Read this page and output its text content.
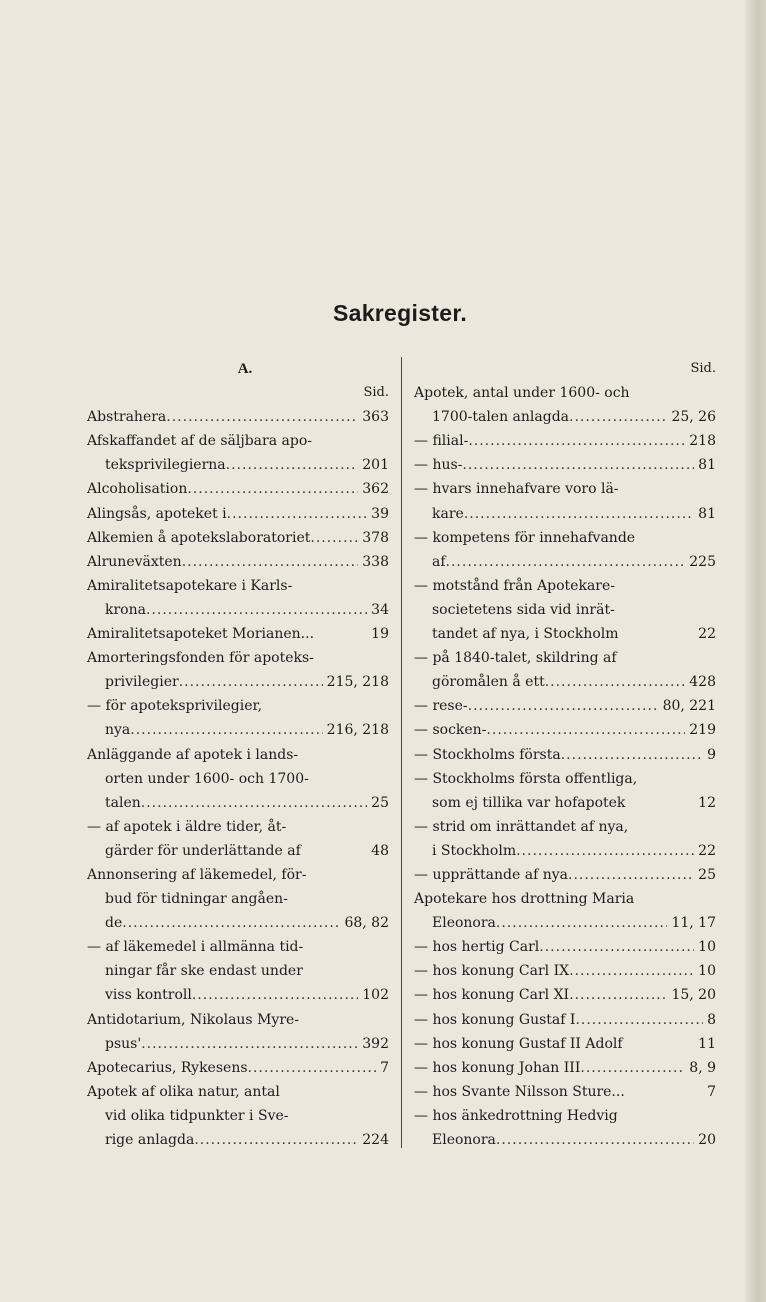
Sakregister.
A.
Sid.
Abstrahera .....	363
Afskaffandet af de säljbara apo-
teksprivilegierna .....	201
Alcoholisation .....	362
Alingsås, apoteket i .....	39
Alkemien å apotekslaboratoriet .....	378
Alruneväxten .....	338
Amiralitetsapotekare i Karls-
krona .....	34
Amiralitetsapoteket Morianen...	19
Amorteringsfonden för apoteks-
privilegier .....	215, 218
— för apoteksprivilegier,
nya .....	216, 218
Anläggande af apotek i lands-
orten under 1600- och 1700-
talen .....	25
— af apotek i äldre tider, åt-
gärder för underlättande af	48
Annonsering af läkemedel, för-
bud för tidningar angåen-
de .....	68, 82
— af läkemedel i allmänna tid-
ningar får ske endast under
viss kontroll .....	102
Antidotarium, Nikolaus Myre-
psus' .....	392
Apotecarius, Rykesens .....	7
Apotek af olika natur, antal
vid olika tidpunkter i Sve-
rige anlagda .....	224
Sid.
Apotek, antal under 1600- och
1700-talen anlagda .....	25, 26
— filial- .....	218
— hus- .....	81
— hvars innehafvare voro lä-
kare .....	81
— kompetens för innehafvande
af .....	225
— motstånd från Apotekare-
societetens sida vid inrät-
tandet af nya, i Stockholm	22
— på 1840-talet, skildring af
göromålen å ett .....	428
— rese- .....	80, 221
— socken- .....	219
— Stockholms första .....	9
— Stockholms första offentliga,
som ej tillika var hofapotek	12
— strid om inrättandet af nya,
i Stockholm .....	22
— upprättande af nya .....	25
Apotekare hos drottning Maria
Eleonora .....	11, 17
— hos hertig Carl .....	10
— hos konung Carl IX .....	10
— hos konung Carl XI .....	15, 20
— hos konung Gustaf I .....	8
— hos konung Gustaf II Adolf	11
— hos konung Johan III .....	8, 9
— hos Svante Nilsson Sture...	7
— hos änkedrottning Hedvig
Eleonora .....	20
